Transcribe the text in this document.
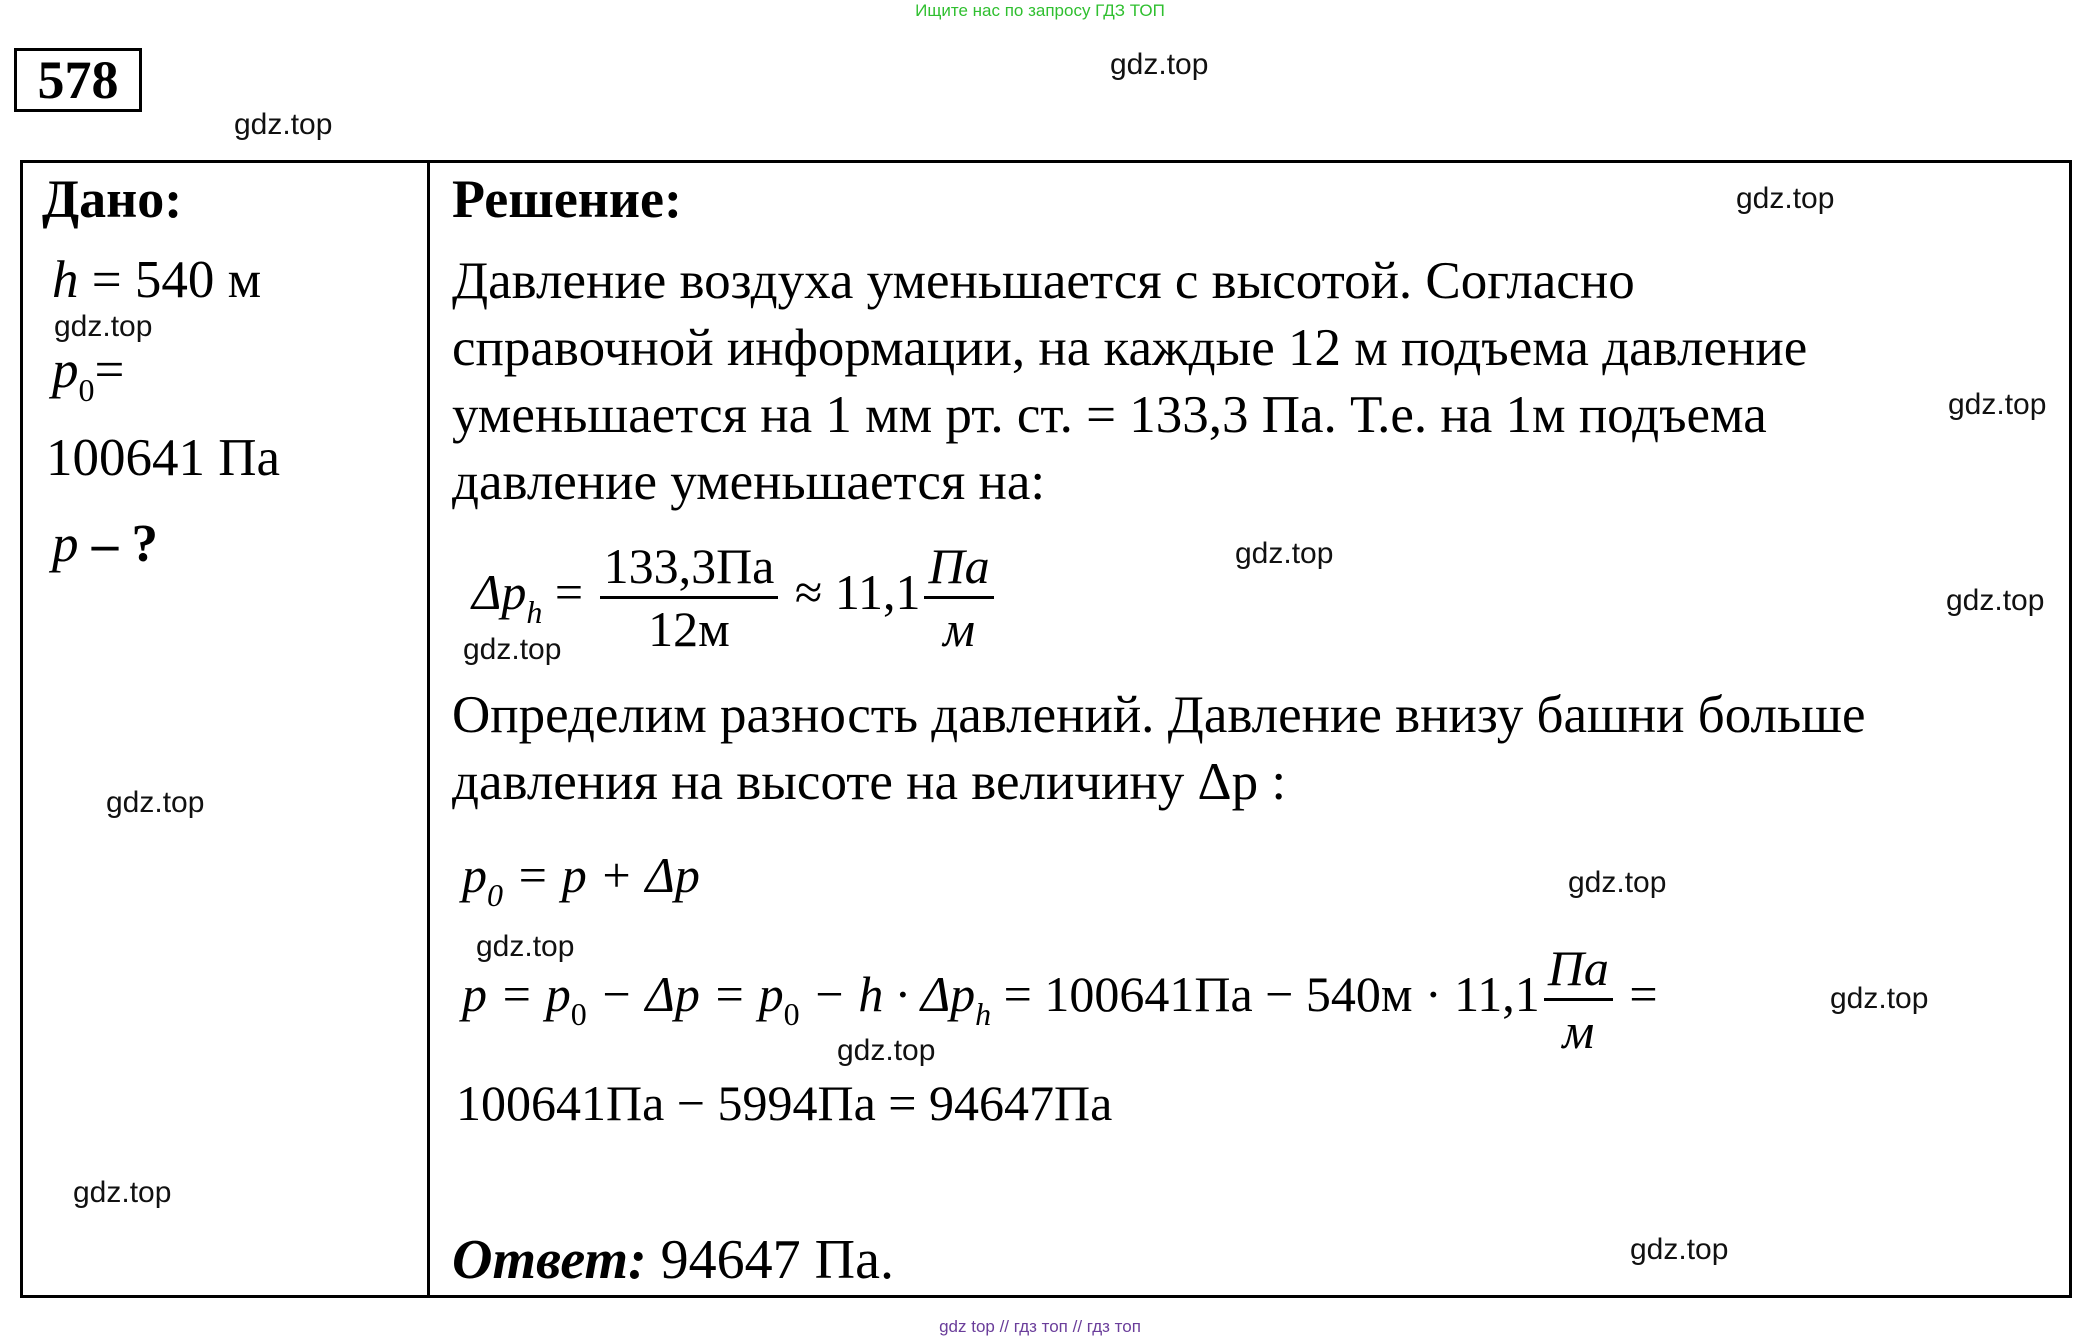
Ищите нас по запросу ГДЗ ТОП
578	gdz.top
gdz.top
gdz.top
gdz.top
gdz.top
gdz.top
gdz.top
gdz.top
gdz.top
gdz.top
gdz.top
gdz.top
gdz.top
gdz.top
gdz.top
Дано:
h = 540 м
$p_0=$
100641 Па
p – ?
Решение:
Давление воздуха уменьшается с высотой. Согласно
справочной информации, на каждые 12 м подъема давление
уменьшается на 1 мм рт. ст. = 133,3 Па. Т.е. на 1м подъема
давление уменьшается на:
$\Delta p_h = \frac{133,3Па}{12м} \approx 11,1 \frac{Па}{м}$
Определим разность давлений. Давление внизу башни больше
давления на высоте на величину Δp :
$p_0 = p + \Delta p$
$p = p_0 - \Delta p = p_0 - h \cdot \Delta p_h = 100641Па - 540м \cdot 11,1 \frac{Па}{м}$ =
100641Па − 5994Па = 94647Па
Ответ: 94647 Па.
gdz top // гдз топ // гдз топ
